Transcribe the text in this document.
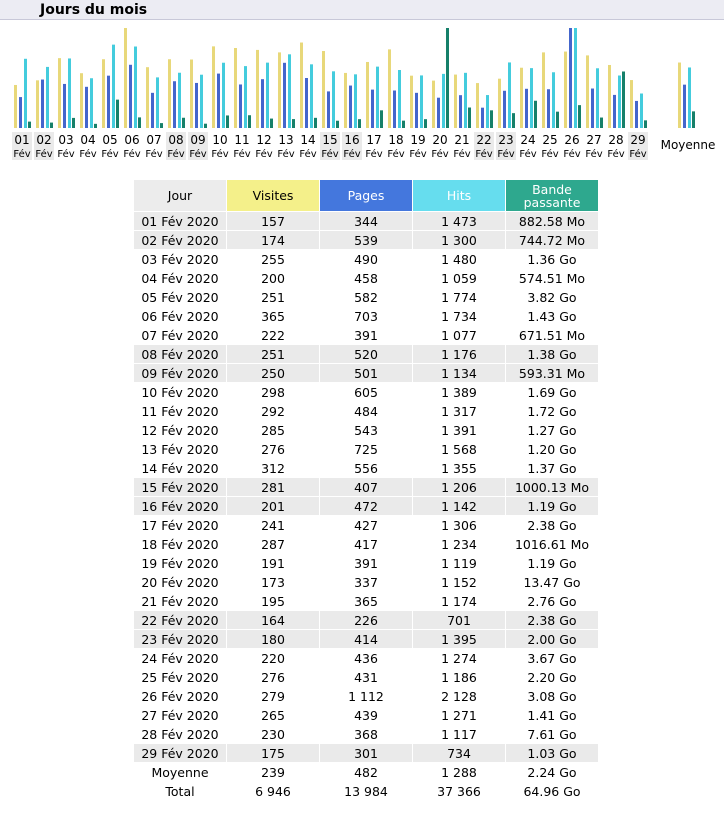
Jours du mois
01
Fév
02
Fév
03
Fév
04
Fév
05
Fév
06
Fév
07
Fév
08
Fév
09
Fév
10
Fév
11
Fév
12
Fév
13
Fév
14
Fév
15
Fév
16
Fév
17
Fév
18
Fév
19
Fév
20
Fév
21
Fév
22
Fév
23
Fév
24
Fév
25
Fév
26
Fév
27
Fév
28
Fév
29
Fév
Moyenne
Jour	Visites	Pages	Hits	Bande passante
01 Fév 2020	157	344	1 473	882.58 Mo
02 Fév 2020	174	539	1 300	744.72 Mo
03 Fév 2020	255	490	1 480	1.36 Go
04 Fév 2020	200	458	1 059	574.51 Mo
05 Fév 2020	251	582	1 774	3.82 Go
06 Fév 2020	365	703	1 734	1.43 Go
07 Fév 2020	222	391	1 077	671.51 Mo
08 Fév 2020	251	520	1 176	1.38 Go
09 Fév 2020	250	501	1 134	593.31 Mo
10 Fév 2020	298	605	1 389	1.69 Go
11 Fév 2020	292	484	1 317	1.72 Go
12 Fév 2020	285	543	1 391	1.27 Go
13 Fév 2020	276	725	1 568	1.20 Go
14 Fév 2020	312	556	1 355	1.37 Go
15 Fév 2020	281	407	1 206	1000.13 Mo
16 Fév 2020	201	472	1 142	1.19 Go
17 Fév 2020	241	427	1 306	2.38 Go
18 Fév 2020	287	417	1 234	1016.61 Mo
19 Fév 2020	191	391	1 119	1.19 Go
20 Fév 2020	173	337	1 152	13.47 Go
21 Fév 2020	195	365	1 174	2.76 Go
22 Fév 2020	164	226	701	2.38 Go
23 Fév 2020	180	414	1 395	2.00 Go
24 Fév 2020	220	436	1 274	3.67 Go
25 Fév 2020	276	431	1 186	2.20 Go
26 Fév 2020	279	1 112	2 128	3.08 Go
27 Fév 2020	265	439	1 271	1.41 Go
28 Fév 2020	230	368	1 117	7.61 Go
29 Fév 2020	175	301	734	1.03 Go
Moyenne	239	482	1 288	2.24 Go
Total	6 946	13 984	37 366	64.96 Go
